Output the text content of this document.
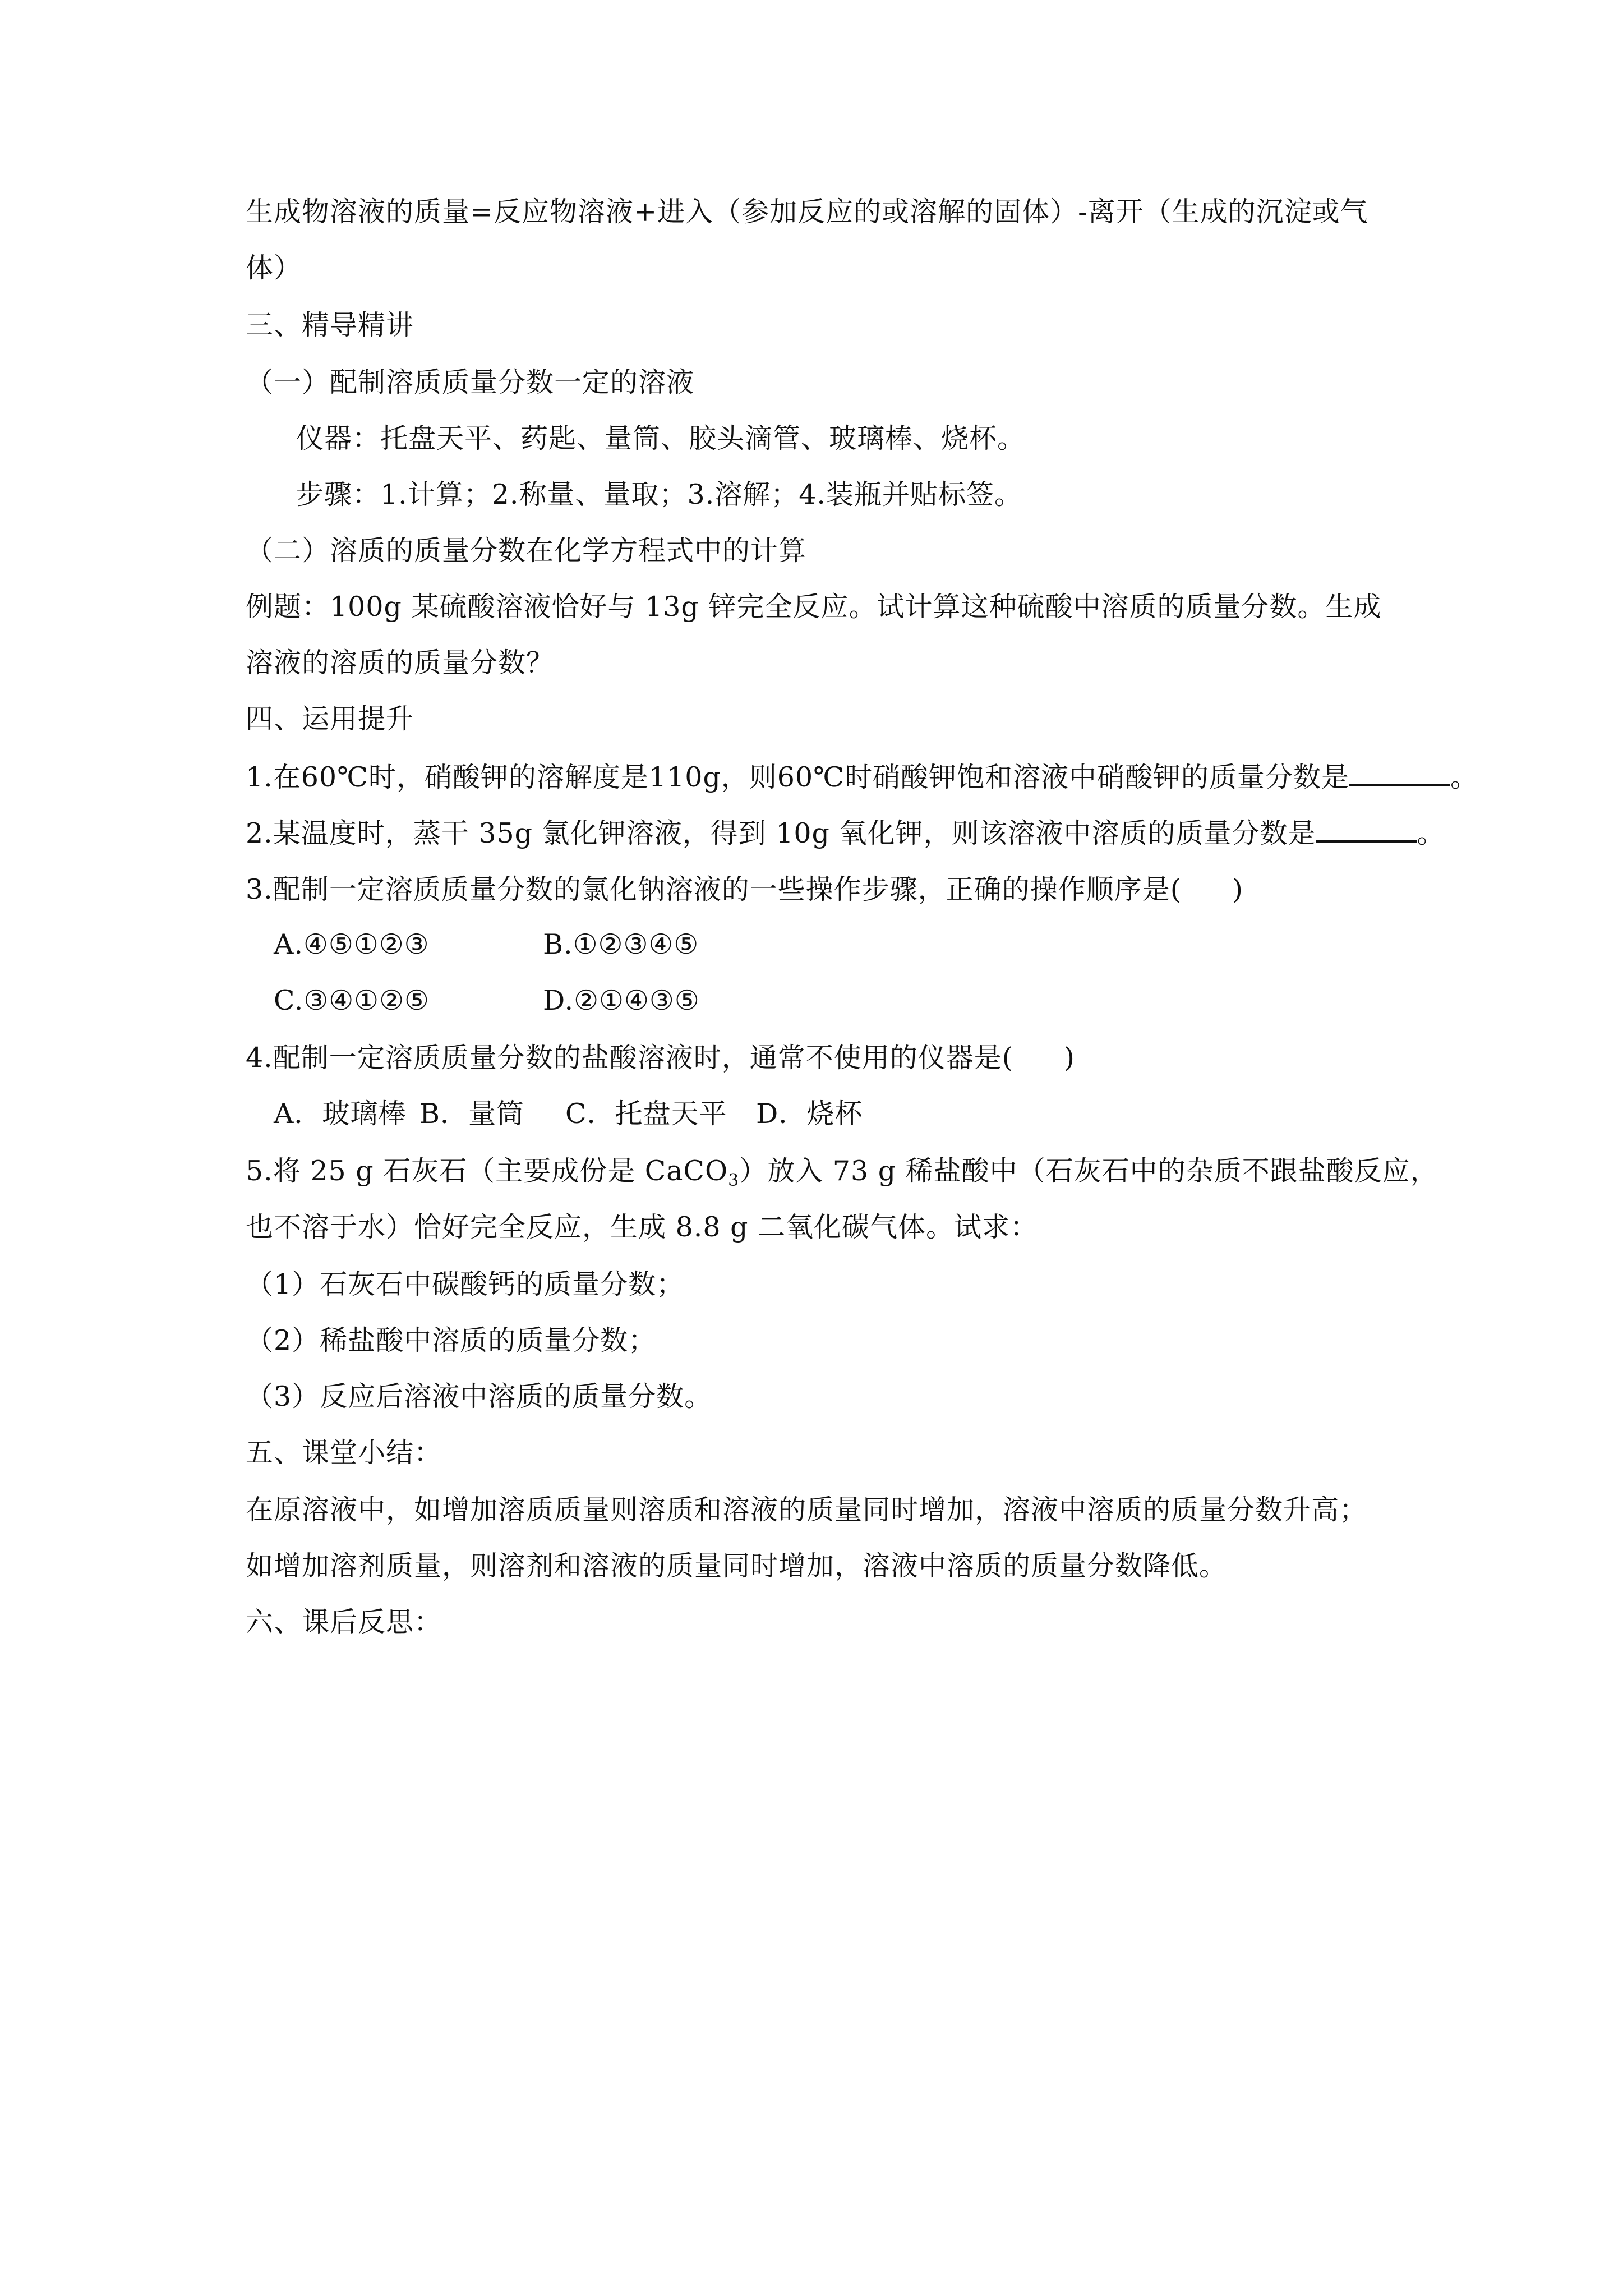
生成物溶液的质量=反应物溶液+进入（参加反应的或溶解的固体）-离开（生成的沉淀或气
体）
三、精导精讲
（一）配制溶质质量分数一定的溶液
仪器：托盘天平、药匙、量筒、胶头滴管、玻璃棒、烧杯。
步骤：1.计算；2.称量、量取；3.溶解；4.装瓶并贴标签。
（二）溶质的质量分数在化学方程式中的计算
例题：100g 某硫酸溶液恰好与 13g 锌完全反应。试计算这种硫酸中溶质的质量分数。生成
溶液的溶质的质量分数？
四、运用提升
1.在60℃时，硝酸钾的溶解度是110g，则60℃时硝酸钾饱和溶液中硝酸钾的质量分数是	。
2.某温度时，蒸干 35g 氯化钾溶液，得到 10g 氧化钾，则该溶液中溶质的质量分数是	。
3.配制一定溶质质量分数的氯化钠溶液的一些操作步骤，正确的操作顺序是( )
A.④⑤①②③	B.①②③④⑤
C.③④①②⑤	D.②①④③⑤
4.配制一定溶质质量分数的盐酸溶液时，通常不使用的仪器是( )
A．玻璃棒 B．量筒 C．托盘天平 D．烧杯
5.将 25 g 石灰石（主要成份是 CaCO$_3$）放入 73 g 稀盐酸中（石灰石中的杂质不跟盐酸反应，
也不溶于水）恰好完全反应，生成 8.8 g 二氧化碳气体。试求：
（1）石灰石中碳酸钙的质量分数；
（2）稀盐酸中溶质的质量分数；
（3）反应后溶液中溶质的质量分数。
五、课堂小结：
在原溶液中，如增加溶质质量则溶质和溶液的质量同时增加，溶液中溶质的质量分数升高；
如增加溶剂质量，则溶剂和溶液的质量同时增加，溶液中溶质的质量分数降低。
六、课后反思：
